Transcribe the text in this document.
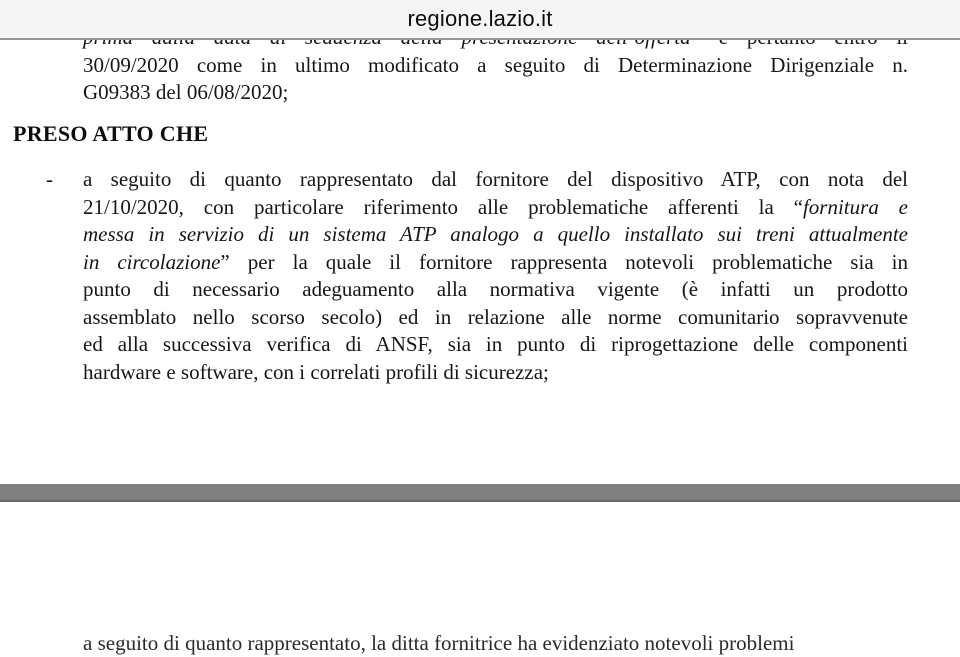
30/09/2020 come in ultimo modificato a seguito di Determinazione Dirigenziale n.
G09383 del 06/08/2020;
PRESO ATTO CHE
- a seguito di quanto rappresentato dal fornitore del dispositivo ATP, con nota del
21/10/2020, con particolare riferimento alle problematiche afferenti la “fornitura e
messa in servizio di un sistema ATP analogo a quello installato sui treni attualmente
in circolazione” per la quale il fornitore rappresenta notevoli problematiche sia in
punto di necessario adeguamento alla normativa vigente (è infatti un prodotto
assemblato nello scorso secolo) ed in relazione alle norme comunitario sopravvenute
ed alla successiva verifica di ANSF, sia in punto di riprogettazione delle componenti
hardware e software, con i correlati profili di sicurezza;
a seguito di quanto rappresentato, la ditta fornitrice ha evidenziato notevoli problemi
regione.lazio.it
